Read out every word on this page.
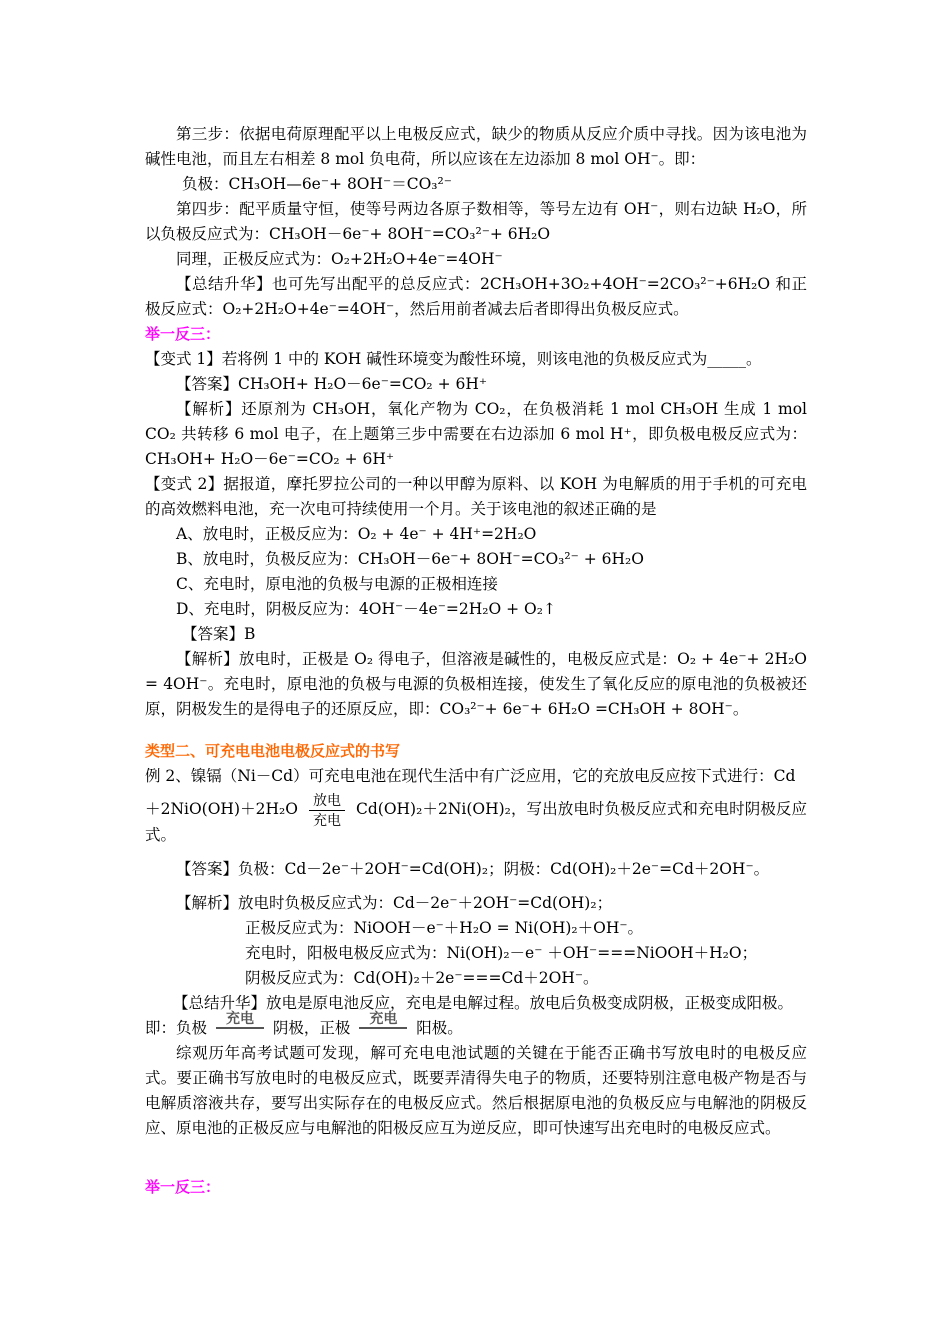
第三步：依据电荷原理配平以上电极反应式，缺少的物质从反应介质中寻找。因为该电池为碱性电池，而且左右相差 8 mol 负电荷，所以应该在左边添加 8 mol OH⁻。即：

负极：CH₃OH—6e⁻+ 8OH⁻＝CO₃²⁻

第四步：配平质量守恒，使等号两边各原子数相等，等号左边有 OH⁻，则右边缺 H₂O，所以负极反应式为：CH₃OH－6e⁻+ 8OH⁻=CO₃²⁻+ 6H₂O

同理，正极反应式为：O₂+2H₂O+4e⁻=4OH⁻

【总结升华】也可先写出配平的总反应式：2CH₃OH+3O₂+4OH⁻=2CO₃²⁻+6H₂O 和正极反应式：O₂+2H₂O+4e⁻=4OH⁻，然后用前者减去后者即得出负极反应式。

举一反三：

【变式 1】若将例 1 中的 KOH 碱性环境变为酸性环境，则该电池的负极反应式为_____。

【答案】CH₃OH+ H₂O－6e⁻=CO₂ + 6H⁺

【解析】还原剂为 CH₃OH，氧化产物为 CO₂，在负极消耗 1 mol CH₃OH 生成 1 mol CO₂ 共转移 6 mol 电子，在上题第三步中需要在右边添加 6 mol H⁺，即负极电极反应式为：CH₃OH+ H₂O－6e⁻=CO₂ + 6H⁺

【变式 2】据报道，摩托罗拉公司的一种以甲醇为原料、以 KOH 为电解质的用于手机的可充电的高效燃料电池，充一次电可持续使用一个月。关于该电池的叙述正确的是

A、放电时，正极反应为：O₂ + 4e⁻ + 4H⁺=2H₂O

B、放电时，负极反应为：CH₃OH－6e⁻+ 8OH⁻=CO₃²⁻ + 6H₂O

C、充电时，原电池的负极与电源的正极相连接

D、充电时，阴极反应为：4OH⁻－4e⁻=2H₂O + O₂↑

【答案】B

【解析】放电时，正极是 O₂ 得电子，但溶液是碱性的，电极反应式是：O₂ + 4e⁻+ 2H₂O = 4OH⁻。充电时，原电池的负极与电源的负极相连接，使发生了氧化反应的原电池的负极被还原，阴极发生的是得电子的还原反应，即：CO₃²⁻+ 6e⁻+ 6H₂O =CH₃OH + 8OH⁻。

类型二、可充电电池电极反应式的书写

例 2、镍镉（Ni－Cd）可充电电池在现代生活中有广泛应用，它的充放电反应按下式进行：Cd

＋2NiO(OH)＋2H₂O	放电
充电
Cd(OH)₂＋2Ni(OH)₂，写出放电时负极反应式和充电时阴极反应式。

【答案】负极：Cd－2e⁻＋2OH⁻=Cd(OH)₂；阴极：Cd(OH)₂＋2e⁻=Cd＋2OH⁻。

【解析】放电时负极反应式为：Cd－2e⁻＋2OH⁻=Cd(OH)₂；

正极反应式为：NiOOH－e⁻＋H₂O = Ni(OH)₂＋OH⁻。

充电时，阳极电极反应式为：Ni(OH)₂－e⁻ ＋OH⁻===NiOOH＋H₂O；

阴极反应式为：Cd(OH)₂＋2e⁻===Cd＋2OH⁻。

【总结升华】放电是原电池反应，充电是电解过程。放电后负极变成阴极，正极变成阳极。

即：负极	充电	阴极，正极	充电	阳极。

综观历年高考试题可发现，解可充电电池试题的关键在于能否正确书写放电时的电极反应式。要正确书写放电时的电极反应式，既要弄清得失电子的物质，还要特别注意电极产物是否与电解质溶液共存，要写出实际存在的电极反应式。然后根据原电池的负极反应与电解池的阴极反应、原电池的正极反应与电解池的阳极反应互为逆反应，即可快速写出充电时的电极反应式。

举一反三：
